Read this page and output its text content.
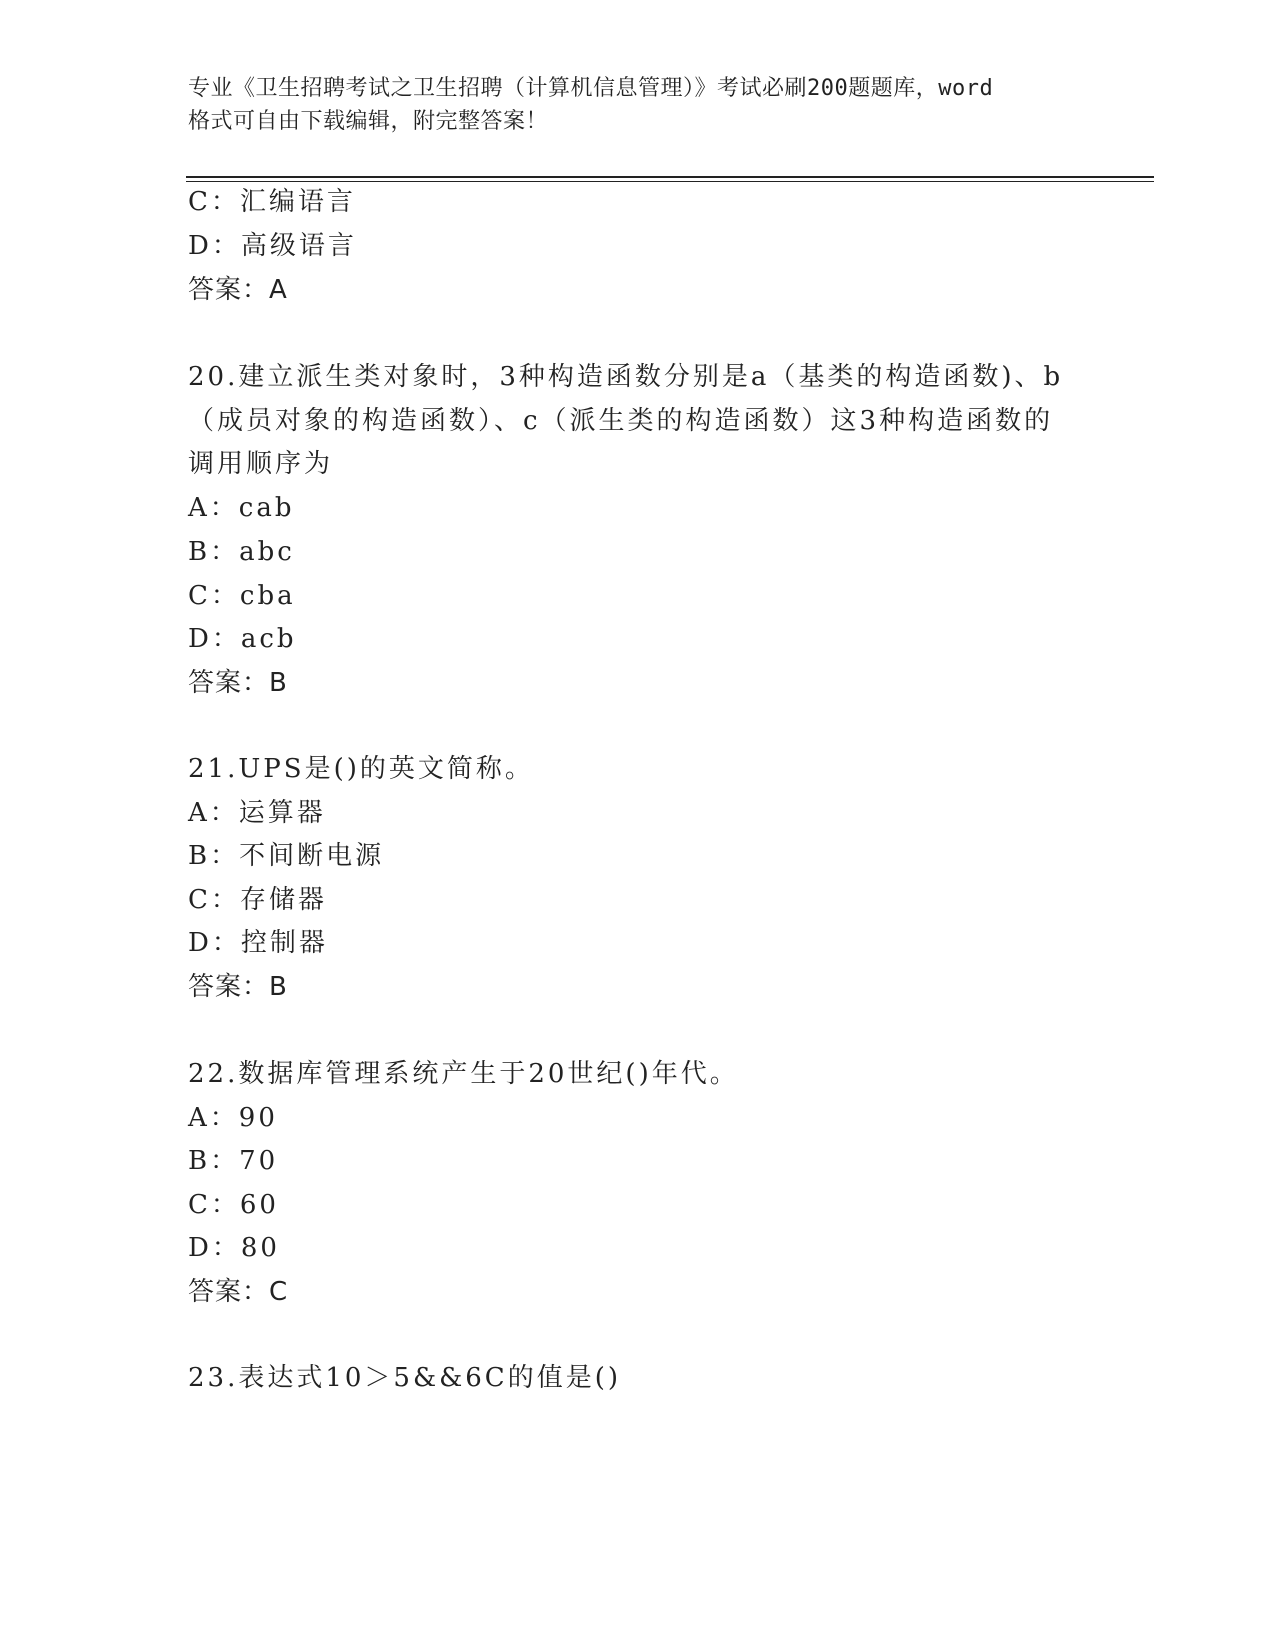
专业《卫生招聘考试之卫生招聘（计算机信息管理）》考试必刷200题题库，word
格式可自由下载编辑，附完整答案！
C：汇编语言
D：高级语言
答案：A
20.建立派生类对象时，3种构造函数分别是a（基类的构造函数)、b
（成员对象的构造函数）、c（派生类的构造函数）这3种构造函数的
调用顺序为
A：cab
B：abc
C：cba
D：acb
答案：B
21.UPS是()的英文简称。
A：运算器
B：不间断电源
C：存储器
D：控制器
答案：B
22.数据库管理系统产生于20世纪()年代。
A：90
B：70
C：60
D：80
答案：C
23.表达式10＞5&&6C的值是()
